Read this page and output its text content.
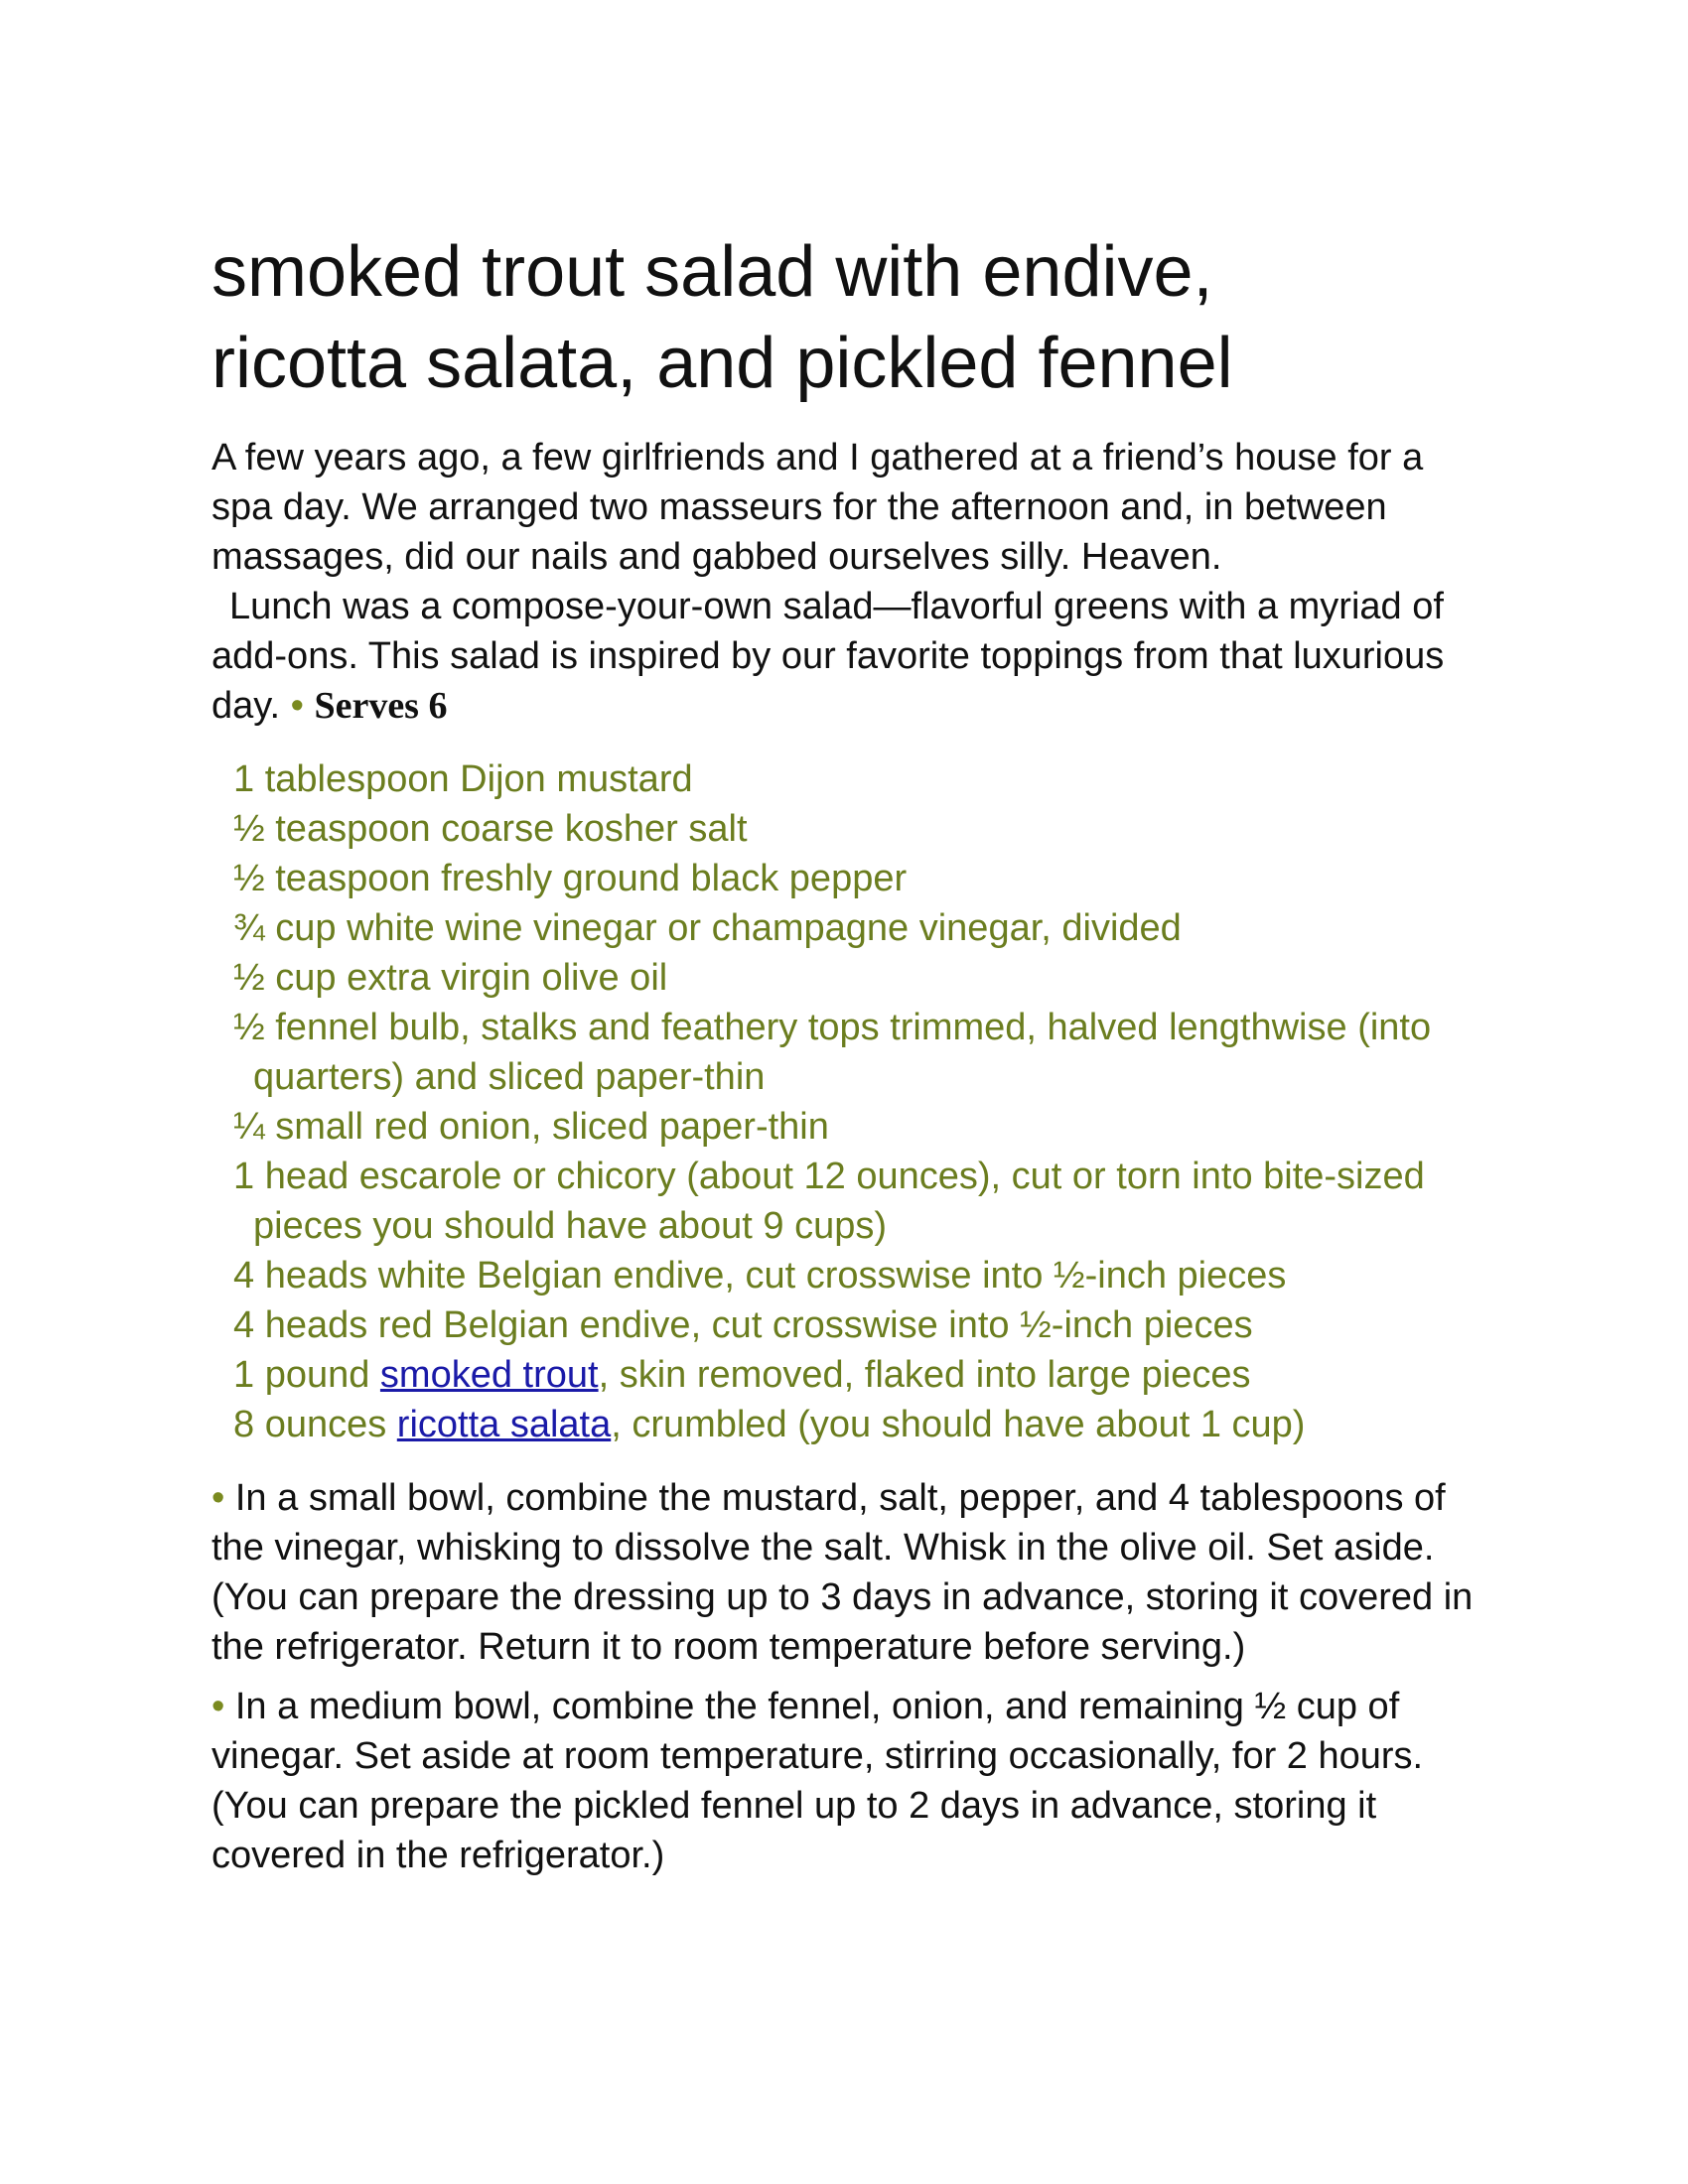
smoked trout salad with endive,
ricotta salata, and pickled fennel

A few years ago, a few girlfriends and I gathered at a friend’s house for a spa day. We arranged two masseurs for the afternoon and, in between massages, did our nails and gabbed ourselves silly. Heaven.

Lunch was a compose-your-own salad—flavorful greens with a myriad of add-ons. This salad is inspired by our favorite toppings from that luxurious day. • Serves 6

1 tablespoon Dijon mustard
½ teaspoon coarse kosher salt
½ teaspoon freshly ground black pepper
¾ cup white wine vinegar or champagne vinegar, divided
½ cup extra virgin olive oil
½ fennel bulb, stalks and feathery tops trimmed, halved lengthwise (into quarters) and sliced paper-thin
¼ small red onion, sliced paper-thin
1 head escarole or chicory (about 12 ounces), cut or torn into bite-sized pieces you should have about 9 cups)
4 heads white Belgian endive, cut crosswise into ½-inch pieces
4 heads red Belgian endive, cut crosswise into ½-inch pieces
1 pound smoked trout, skin removed, flaked into large pieces
8 ounces ricotta salata, crumbled (you should have about 1 cup)

• In a small bowl, combine the mustard, salt, pepper, and 4 tablespoons of the vinegar, whisking to dissolve the salt. Whisk in the olive oil. Set aside. (You can prepare the dressing up to 3 days in advance, storing it covered in the refrigerator. Return it to room temperature before serving.)

• In a medium bowl, combine the fennel, onion, and remaining ½ cup of vinegar. Set aside at room temperature, stirring occasionally, for 2 hours. (You can prepare the pickled fennel up to 2 days in advance, storing it covered in the refrigerator.)
